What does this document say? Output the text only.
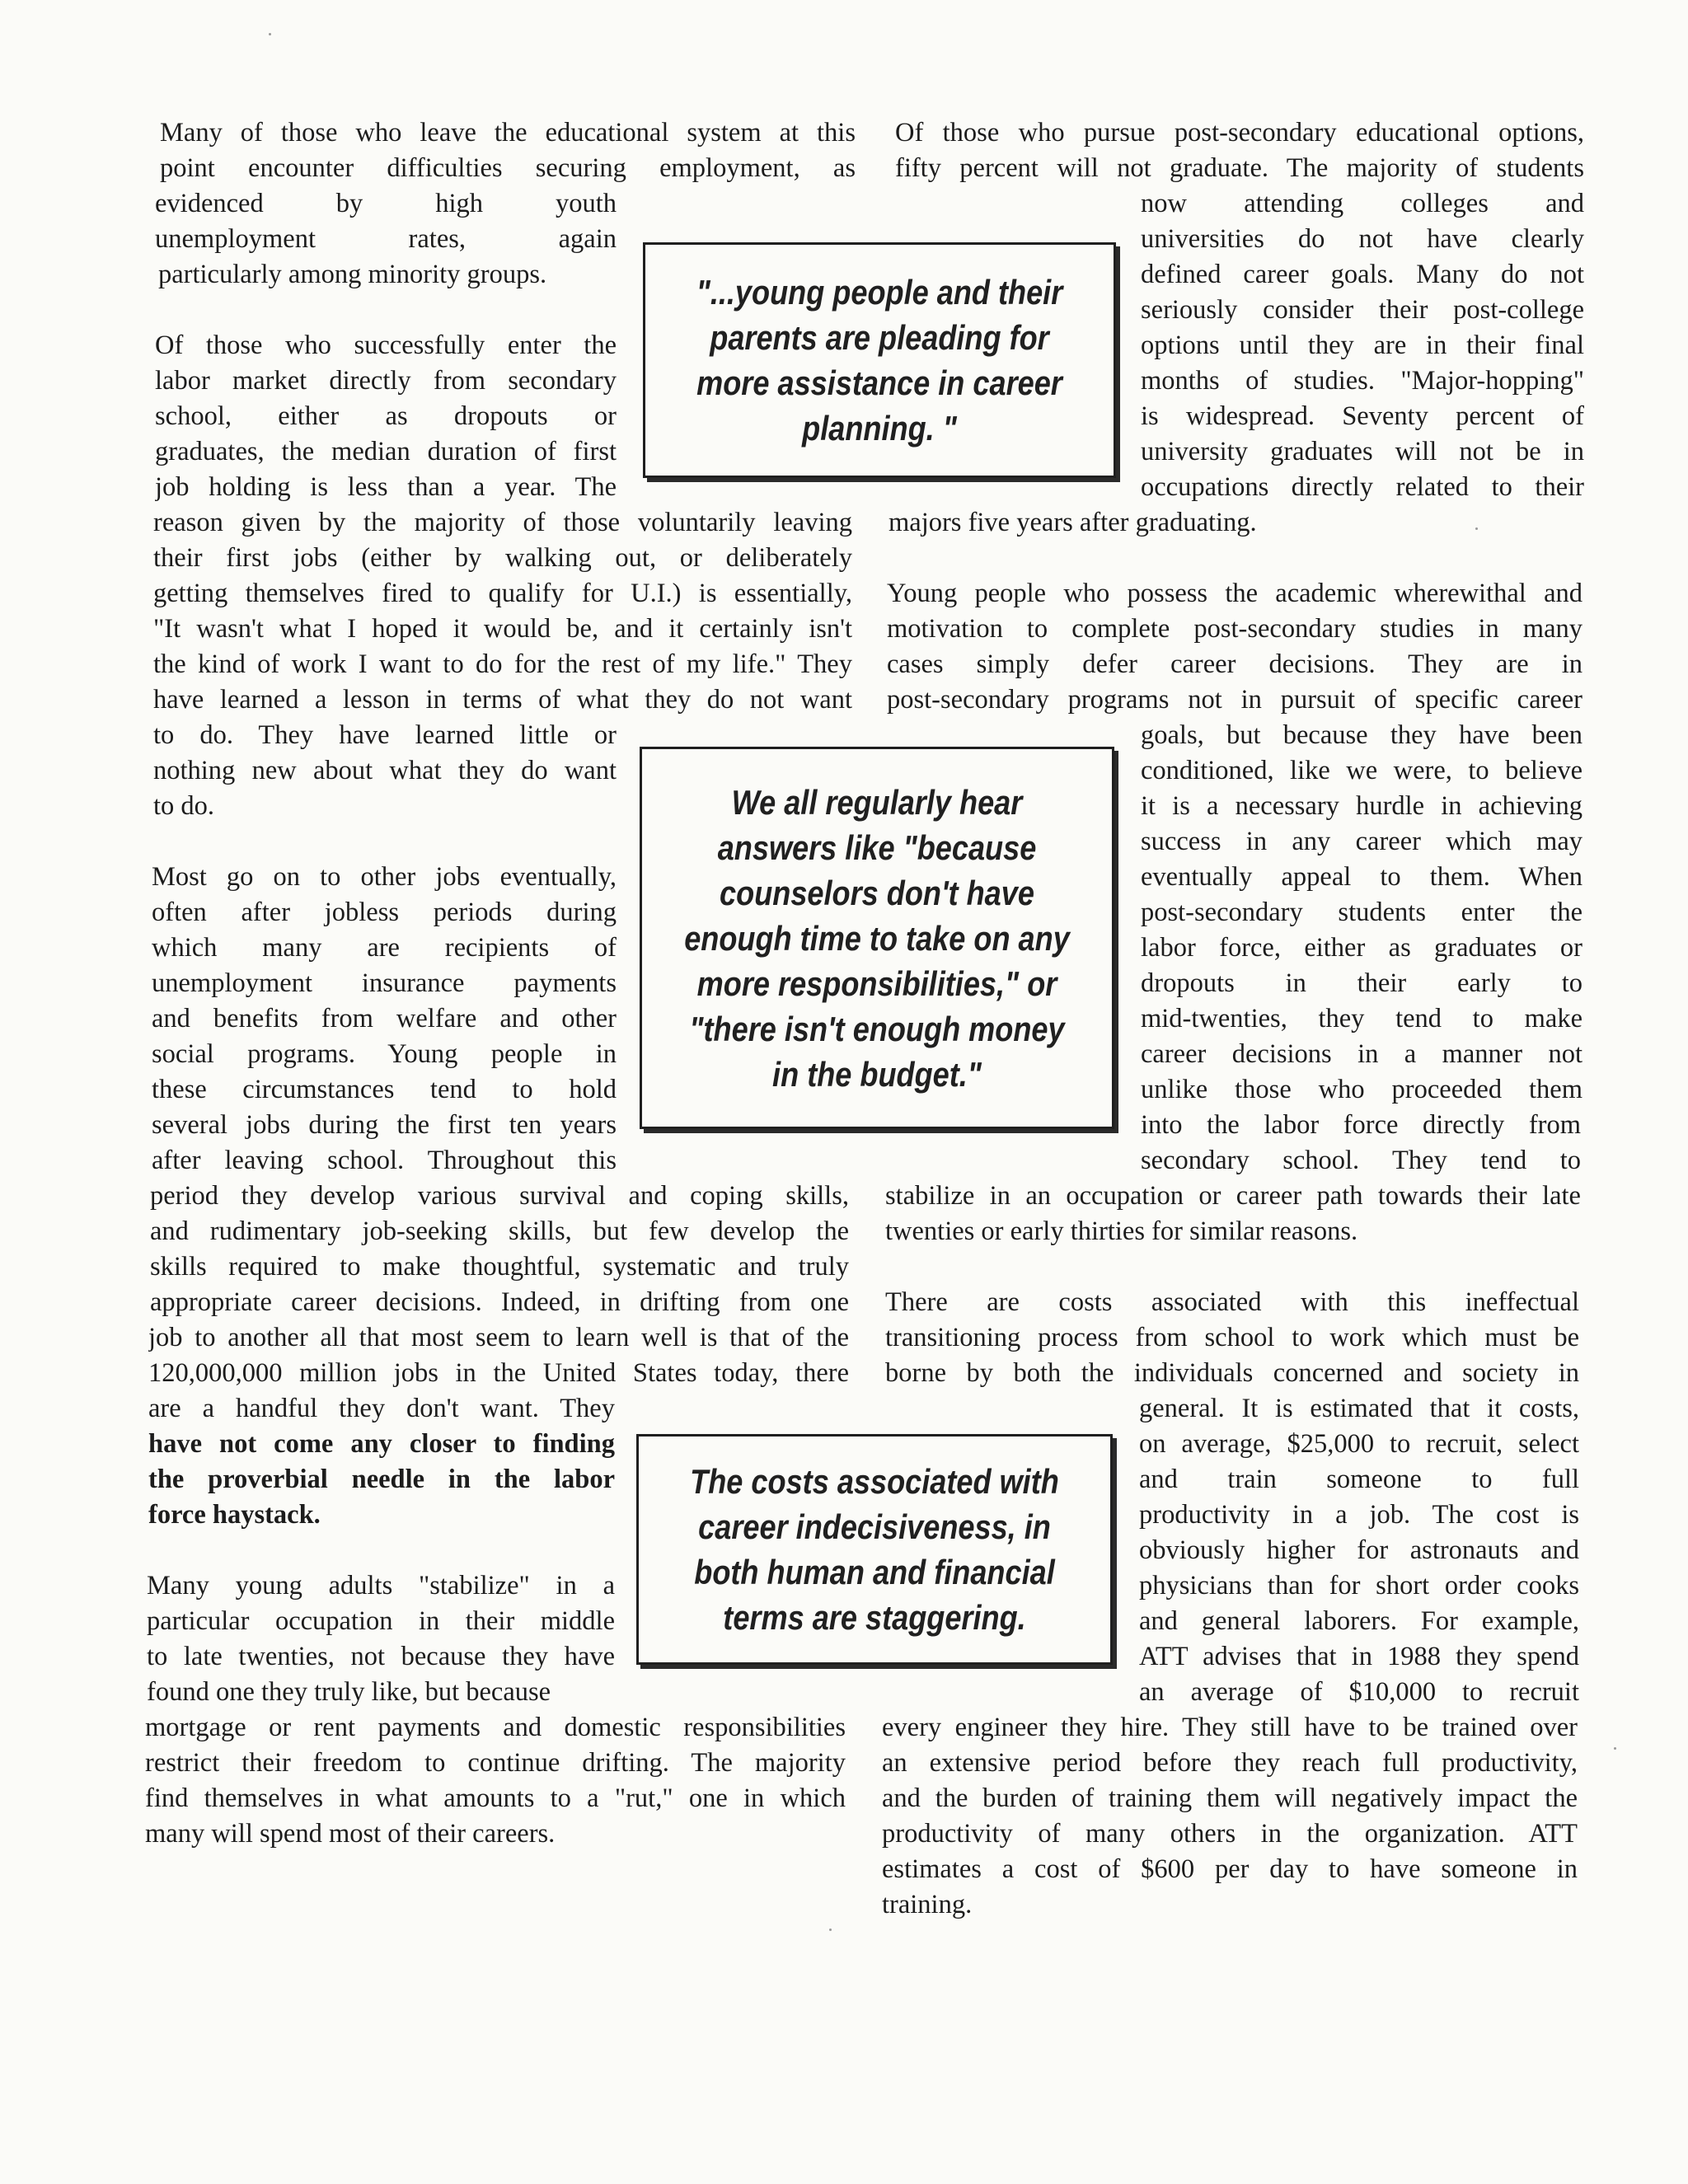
Many of those who leave the educational system at this
point encounter difficulties securing employment, as
evidenced by high youth
unemployment rates, again
particularly among minority groups.
Of those who successfully enter the
labor market directly from secondary
school, either as dropouts or
graduates, the median duration of first
job holding is less than a year. The
reason given by the majority of those voluntarily leaving
their first jobs (either by walking out, or deliberately
getting themselves fired to qualify for U.I.) is essentially,
"It wasn't what I hoped it would be, and it certainly isn't
the kind of work I want to do for the rest of my life." They
have learned a lesson in terms of what they do not want
to do. They have learned little or
nothing new about what they do want
to do.
Most go on to other jobs eventually,
often after jobless periods during
which many are recipients of
unemployment insurance payments
and benefits from welfare and other
social programs. Young people in
these circumstances tend to hold
several jobs during the first ten years
after leaving school. Throughout this
period they develop various survival and coping skills,
and rudimentary job-seeking skills, but few develop the
skills required to make thoughtful, systematic and truly
appropriate career decisions. Indeed, in drifting from one
job to another all that most seem to learn well is that of the
120,000,000 million jobs in the United States today, there
are a handful they don't want. They
have not come any closer to finding
the proverbial needle in the labor
force haystack.
Many young adults "stabilize" in a
particular occupation in their middle
to late twenties, not because they have
found one they truly like, but because
mortgage or rent payments and domestic responsibilities
restrict their freedom to continue drifting. The majority
find themselves in what amounts to a "rut," one in which
many will spend most of their careers.
Of those who pursue post-secondary educational options,
fifty percent will not graduate. The majority of students
now attending colleges and
universities do not have clearly
defined career goals. Many do not
seriously consider their post-college
options until they are in their final
months of studies. "Major-hopping"
is widespread. Seventy percent of
university graduates will not be in
occupations directly related to their
majors five years after graduating.
Young people who possess the academic wherewithal and
motivation to complete post-secondary studies in many
cases simply defer career decisions. They are in
post-secondary programs not in pursuit of specific career
goals, but because they have been
conditioned, like we were, to believe
it is a necessary hurdle in achieving
success in any career which may
eventually appeal to them. When
post-secondary students enter the
labor force, either as graduates or
dropouts in their early to
mid-twenties, they tend to make
career decisions in a manner not
unlike those who proceeded them
into the labor force directly from
secondary school. They tend to
stabilize in an occupation or career path towards their late
twenties or early thirties for similar reasons.
There are costs associated with this ineffectual
transitioning process from school to work which must be
borne by both the individuals concerned and society in
general. It is estimated that it costs,
on average, $25,000 to recruit, select
and train someone to full
productivity in a job. The cost is
obviously higher for astronauts and
physicians than for short order cooks
and general laborers. For example,
ATT advises that in 1988 they spend
an average of $10,000 to recruit
every engineer they hire. They still have to be trained over
an extensive period before they reach full productivity,
and the burden of training them will negatively impact the
productivity of many others in the organization. ATT
estimates a cost of $600 per day to have someone in
training.
"...young people and their
parents are pleading for
more assistance in career
planning. "
We all regularly hear
answers like "because
counselors don't have
enough time to take on any
more responsibilities," or
"there isn't enough money
in the budget."
The costs associated with
career indecisiveness, in
both human and financial
terms are staggering.
